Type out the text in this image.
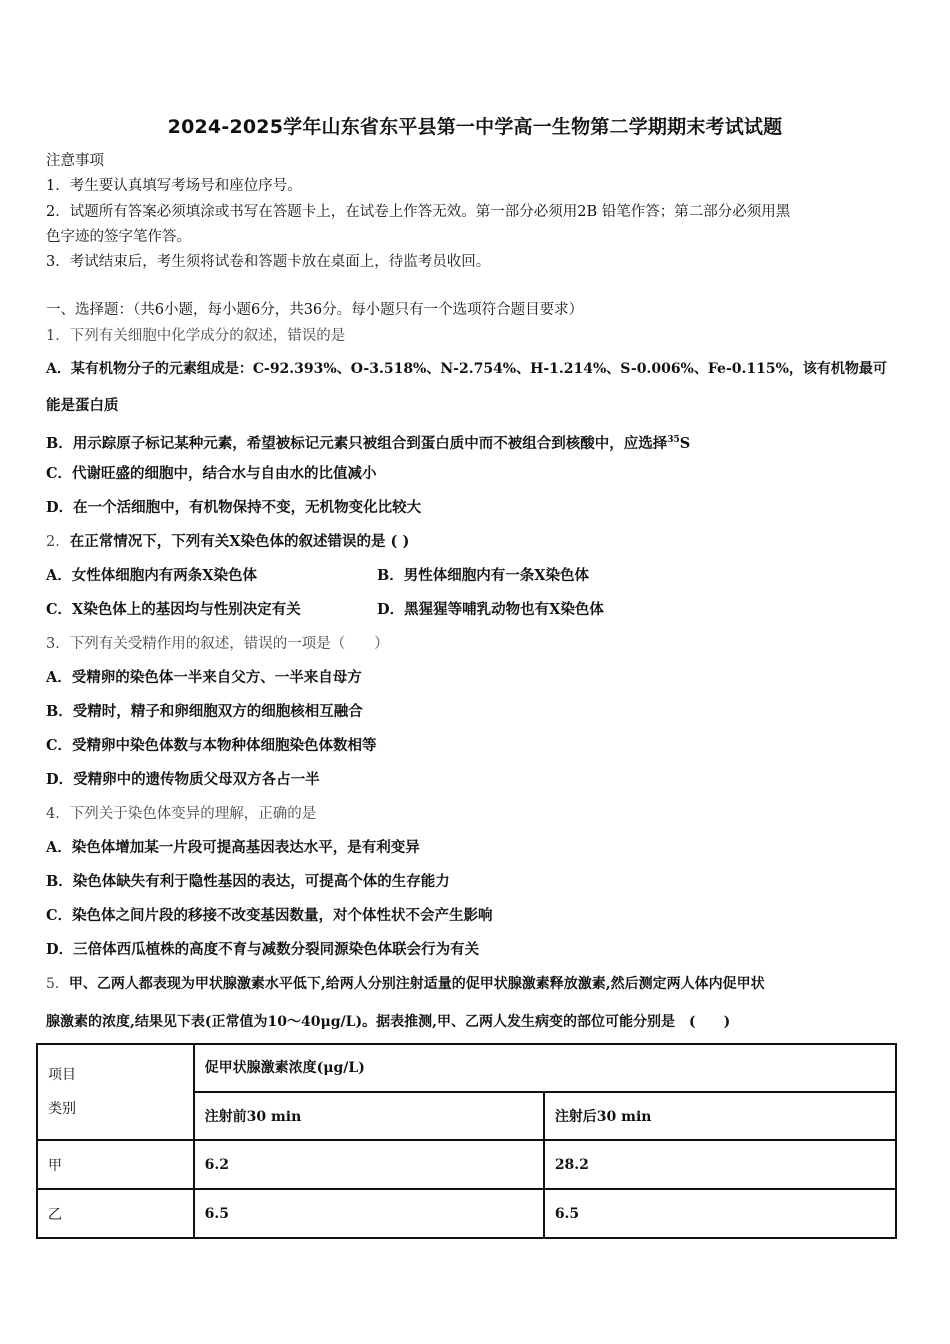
2024-2025学年山东省东平县第一中学高一生物第二学期期末考试试题
注意事项
1．考生要认真填写考场号和座位序号。
2．试题所有答案必须填涂或书写在答题卡上，在试卷上作答无效。第一部分必须用2B 铅笔作答；第二部分必须用黑
色字迹的签字笔作答。
3．考试结束后，考生须将试卷和答题卡放在桌面上，待监考员收回。
一、选择题：（共6小题，每小题6分，共36分。每小题只有一个选项符合题目要求）
1．下列有关细胞中化学成分的叙述，错误的是
A．某有机物分子的元素组成是：C-92.393%、O-3.518%、N-2.754%、H-1.214%、S-0.006%、Fe-0.115%，该有机物最可
能是蛋白质
B．用示踪原子标记某种元素，希望被标记元素只被组合到蛋白质中而不被组合到核酸中，应选择$^{35}$S
C．代谢旺盛的细胞中，结合水与自由水的比值减小
D．在一个活细胞中，有机物保持不变，无机物变化比较大
2．在正常情况下，下列有关X染色体的叙述错误的是 ( )
A．女性体细胞内有两条X染色体	B．男性体细胞内有一条X染色体
C．X染色体上的基因均与性别决定有关	D．黑猩猩等哺乳动物也有X染色体
3．下列有关受精作用的叙述，错误的一项是（　　）
A．受精卵的染色体一半来自父方、一半来自母方
B．受精时，精子和卵细胞双方的细胞核相互融合
C．受精卵中染色体数与本物种体细胞染色体数相等
D．受精卵中的遗传物质父母双方各占一半
4．下列关于染色体变异的理解，正确的是
A．染色体增加某一片段可提高基因表达水平，是有利变异
B．染色体缺失有利于隐性基因的表达，可提高个体的生存能力
C．染色体之间片段的移接不改变基因数量，对个体性状不会产生影响
D．三倍体西瓜植株的高度不育与减数分裂同源染色体联会行为有关
5．甲、乙两人都表现为甲状腺激素水平低下,给两人分别注射适量的促甲状腺激素释放激素,然后测定两人体内促甲状
腺激素的浓度,结果见下表(正常值为10～40μg/L)。据表推测,甲、乙两人发生病变的部位可能分别是　(　　)
项目
类别	促甲状腺激素浓度(μg/L)	
	注射前30 min	注射后30 min
甲	6.2	28.2
乙	6.5	6.5
